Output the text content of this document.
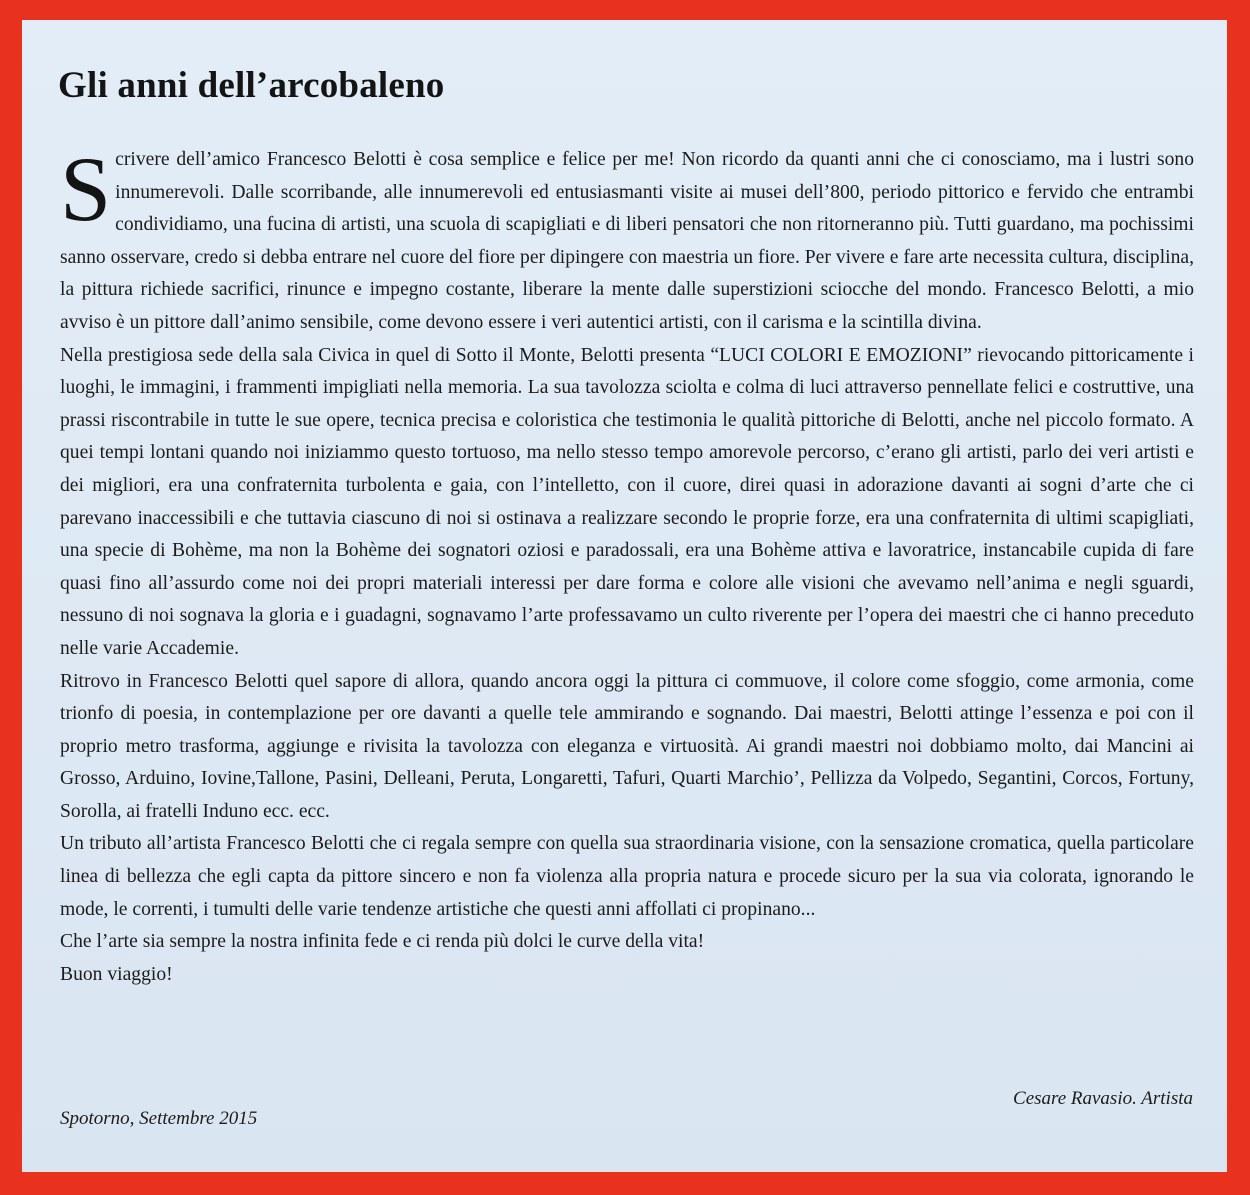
Gli anni dell’arcobaleno

Scrivere dell’amico Francesco Belotti è cosa semplice e felice per me! Non ricordo da quanti anni che ci conosciamo, ma i lustri sono innumerevoli. Dalle scorribande, alle innumerevoli ed entusiasmanti visite ai musei dell’800, periodo pittorico e fervido che entrambi condividiamo, una fucina di artisti, una scuola di scapigliati e di liberi pensatori che non ritorneranno più. Tutti guardano, ma pochissimi sanno osservare, credo si debba entrare nel cuore del fiore per dipingere con maestria un fiore. Per vivere e fare arte necessita cultura, disciplina, la pittura richiede sacrifici, rinunce e impegno costante, liberare la mente dalle superstizioni sciocche del mondo. Francesco Belotti, a mio avviso è un pittore dall’animo sensibile, come devono essere i veri autentici artisti, con il carisma e la scintilla divina.

Nella prestigiosa sede della sala Civica in quel di Sotto il Monte, Belotti presenta “LUCI COLORI E EMOZIONI” rievocando pittoricamente i luoghi, le immagini, i frammenti impigliati nella memoria. La sua tavolozza sciolta e colma di luci attraverso pennellate felici e costruttive, una prassi riscontrabile in tutte le sue opere, tecnica precisa e coloristica che testimonia le qualità pittoriche di Belotti, anche nel piccolo formato. A quei tempi lontani quando noi iniziammo questo tortuoso, ma nello stesso tempo amorevole percorso, c’erano gli artisti, parlo dei veri artisti e dei migliori, era una confraternita turbolenta e gaia, con l’intelletto, con il cuore, direi quasi in adorazione davanti ai sogni d’arte che ci parevano inaccessibili e che tuttavia ciascuno di noi si ostinava a realizzare secondo le proprie forze, era una confraternita di ultimi scapigliati, una specie di Bohème, ma non la Bohème dei sognatori oziosi e paradossali, era una Bohème attiva e lavoratrice, instancabile cupida di fare quasi fino all’assurdo come noi dei propri materiali interessi per dare forma e colore alle visioni che avevamo nell’anima e negli sguardi, nessuno di noi sognava la gloria e i guadagni, sognavamo l’arte professavamo un culto riverente per l’opera dei maestri che ci hanno preceduto nelle varie Accademie.

Ritrovo in Francesco Belotti quel sapore di allora, quando ancora oggi la pittura ci commuove, il colore come sfoggio, come armonia, come trionfo di poesia, in contemplazione per ore davanti a quelle tele ammirando e sognando. Dai maestri, Belotti attinge l’essenza e poi con il proprio metro trasforma, aggiunge e rivisita la tavolozza con eleganza e virtuosità. Ai grandi maestri noi dobbiamo molto, dai Mancini ai Grosso, Arduino, Iovine,Tallone, Pasini, Delleani, Peruta, Longaretti, Tafuri, Quarti Marchio’, Pellizza da Volpedo, Segantini, Corcos, Fortuny, Sorolla, ai fratelli Induno ecc. ecc.

Un tributo all’artista Francesco Belotti che ci regala sempre con quella sua straordinaria visione, con la sensazione cromatica, quella particolare linea di bellezza che egli capta da pittore sincero e non fa violenza alla propria natura e procede sicuro per la sua via colorata, ignorando le mode, le correnti, i tumulti delle varie tendenze artistiche che questi anni affollati ci propinano...

Che l’arte sia sempre la nostra infinita fede e ci renda più dolci le curve della vita!

Buon viaggio!

Cesare Ravasio. Artista
Spotorno, Settembre 2015
